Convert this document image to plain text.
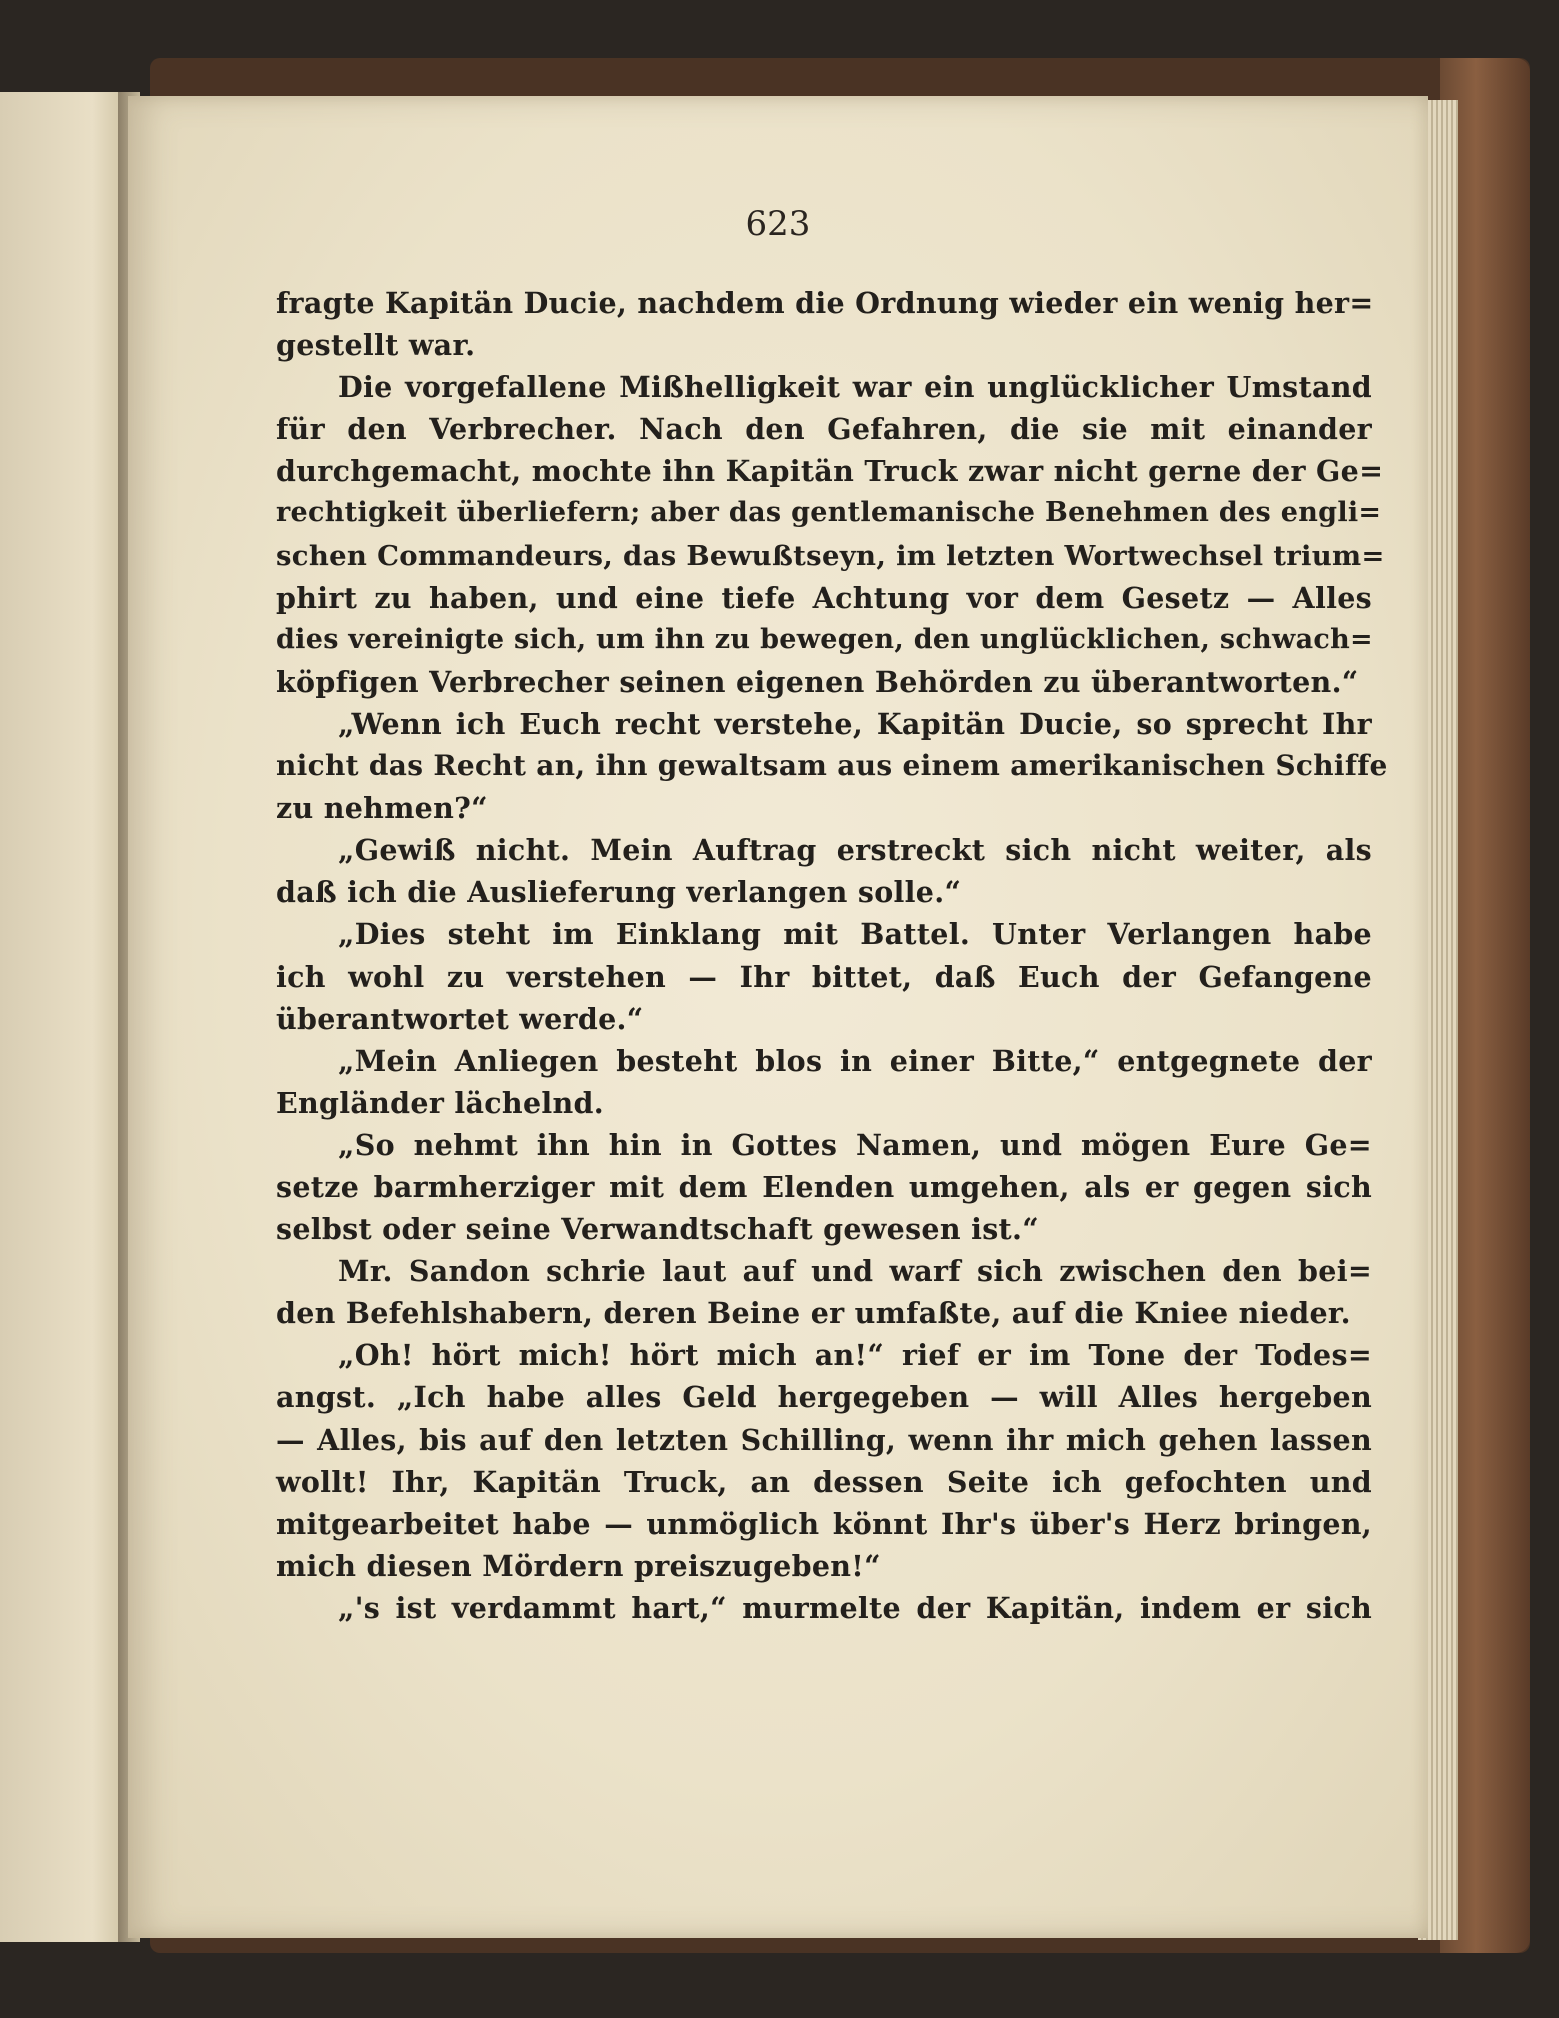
623
fragte Kapitän Ducie, nachdem die Ordnung wieder ein wenig her=
gestellt war.
Die vorgefallene Mißhelligkeit war ein unglücklicher Umstand
für den Verbrecher. Nach den Gefahren, die sie mit einander
durchgemacht, mochte ihn Kapitän Truck zwar nicht gerne der Ge=
rechtigkeit überliefern; aber das gentlemanische Benehmen des engli=
schen Commandeurs, das Bewußtseyn, im letzten Wortwechsel trium=
phirt zu haben, und eine tiefe Achtung vor dem Gesetz — Alles
dies vereinigte sich, um ihn zu bewegen, den unglücklichen, schwach=
köpfigen Verbrecher seinen eigenen Behörden zu überantworten.“
„Wenn ich Euch recht verstehe, Kapitän Ducie, so sprecht Ihr
nicht das Recht an, ihn gewaltsam aus einem amerikanischen Schiffe
zu nehmen?“
„Gewiß nicht. Mein Auftrag erstreckt sich nicht weiter, als
daß ich die Auslieferung verlangen solle.“
„Dies steht im Einklang mit Battel. Unter Verlangen habe
ich wohl zu verstehen — Ihr bittet, daß Euch der Gefangene
überantwortet werde.“
„Mein Anliegen besteht blos in einer Bitte,“ entgegnete der
Engländer lächelnd.
„So nehmt ihn hin in Gottes Namen, und mögen Eure Ge=
setze barmherziger mit dem Elenden umgehen, als er gegen sich
selbst oder seine Verwandtschaft gewesen ist.“
Mr. Sandon schrie laut auf und warf sich zwischen den bei=
den Befehlshabern, deren Beine er umfaßte, auf die Kniee nieder.
„Oh! hört mich! hört mich an!“ rief er im Tone der Todes=
angst. „Ich habe alles Geld hergegeben — will Alles hergeben
— Alles, bis auf den letzten Schilling, wenn ihr mich gehen lassen
wollt! Ihr, Kapitän Truck, an dessen Seite ich gefochten und
mitgearbeitet habe — unmöglich könnt Ihr's über's Herz bringen,
mich diesen Mördern preiszugeben!“
„'s ist verdammt hart,“ murmelte der Kapitän, indem er sich
